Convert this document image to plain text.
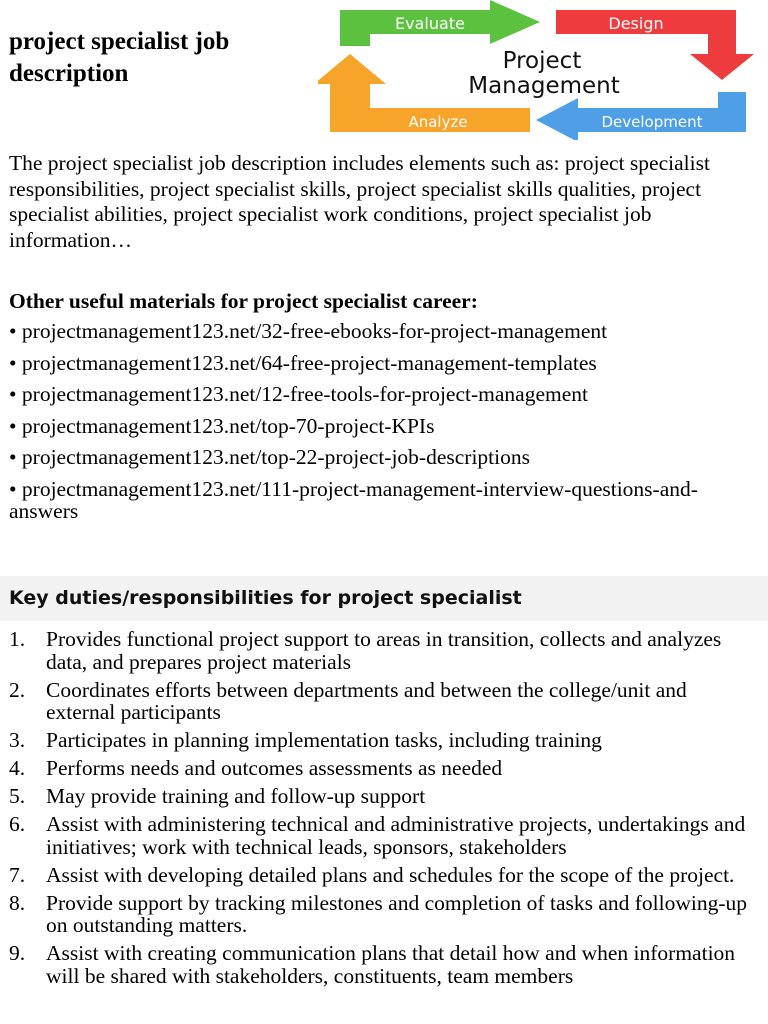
project specialist job description
Evaluate	Design
Project
Management
Analyze	Development

The project specialist job description includes elements such as: project specialist responsibilities, project specialist skills, project specialist skills qualities, project specialist abilities, project specialist work conditions, project specialist job information…

Other useful materials for project specialist career:
• projectmanagement123.net/32-free-ebooks-for-project-management
• projectmanagement123.net/64-free-project-management-templates
• projectmanagement123.net/12-free-tools-for-project-management
• projectmanagement123.net/top-70-project-KPIs
• projectmanagement123.net/top-22-project-job-descriptions
• projectmanagement123.net/111-project-management-interview-questions-and-answers
Key duties/responsibilities for project specialist
1. Provides functional project support to areas in transition, collects and analyzes data, and prepares project materials
2. Coordinates efforts between departments and between the college/unit and external participants
3. Participates in planning implementation tasks, including training
4. Performs needs and outcomes assessments as needed
5. May provide training and follow-up support
6. Assist with administering technical and administrative projects, undertakings and initiatives; work with technical leads, sponsors, stakeholders
7. Assist with developing detailed plans and schedules for the scope of the project.
8. Provide support by tracking milestones and completion of tasks and following-up on outstanding matters.
9. Assist with creating communication plans that detail how and when information will be shared with stakeholders, constituents, team members
